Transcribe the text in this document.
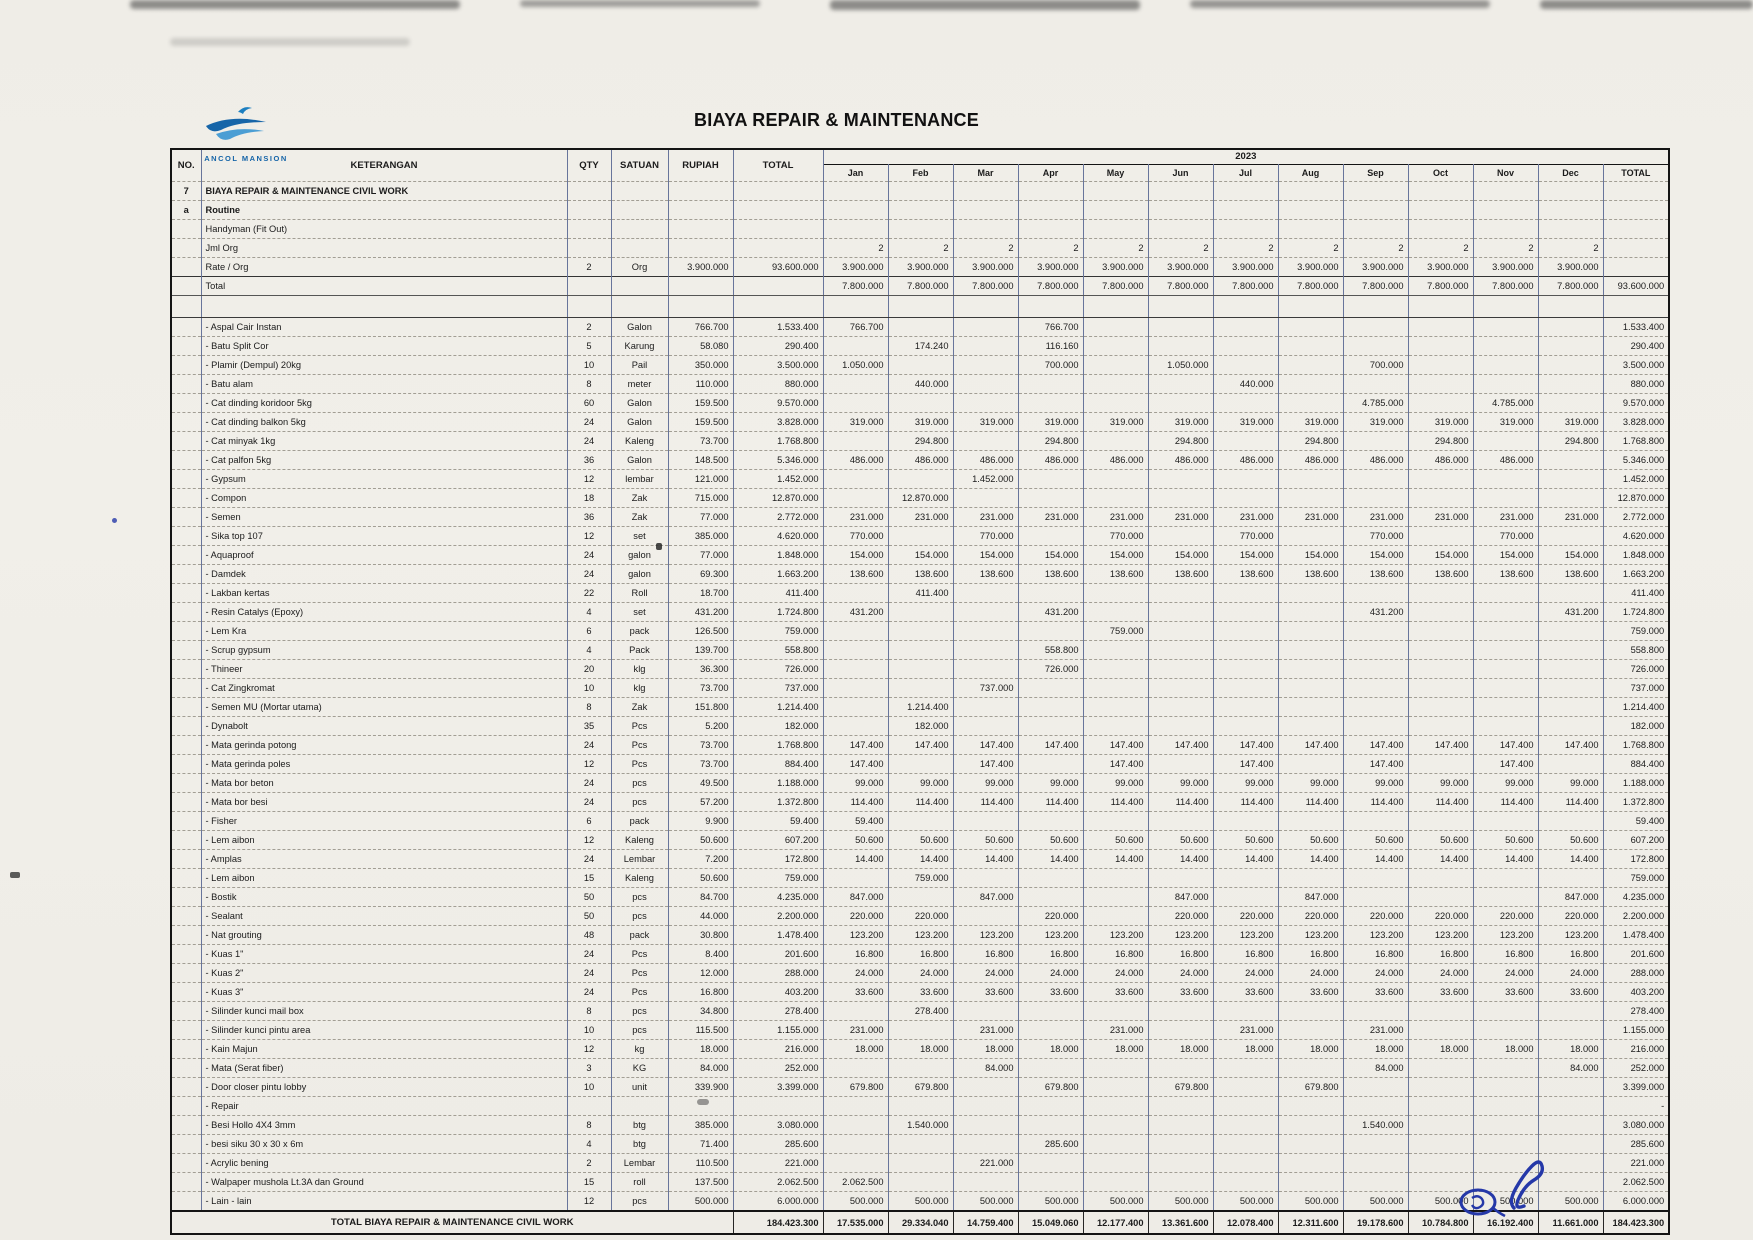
ANCOL MANSION
BIAYA REPAIR & MAINTENANCE
NO.	KETERANGAN	QTY	SATUAN	RUPIAH	TOTAL	2023												
						Jan	Feb	Mar	Apr	May	Jun	Jul	Aug	Sep	Oct	Nov	Dec	TOTAL
7	BIAYA REPAIR & MAINTENANCE CIVIL WORK																	
a	Routine																	
	Handyman (Fit Out)																	
	Jml Org					2	2	2	2	2	2	2	2	2	2	2	2	
	Rate / Org	2	Org	3.900.000	93.600.000	3.900.000	3.900.000	3.900.000	3.900.000	3.900.000	3.900.000	3.900.000	3.900.000	3.900.000	3.900.000	3.900.000	3.900.000	
	Total					7.800.000	7.800.000	7.800.000	7.800.000	7.800.000	7.800.000	7.800.000	7.800.000	7.800.000	7.800.000	7.800.000	7.800.000	93.600.000

	- Aspal Cair Instan	2	Galon	766.700	1.533.400	766.700			766.700									1.533.400
	- Batu Split Cor	5	Karung	58.080	290.400		174.240		116.160									290.400
	- Plamir (Dempul) 20kg	10	Pail	350.000	3.500.000	1.050.000			700.000		1.050.000			700.000				3.500.000
	- Batu alam	8	meter	110.000	880.000		440.000					440.000						880.000
	- Cat dinding koridoor 5kg	60	Galon	159.500	9.570.000									4.785.000		4.785.000		9.570.000
	- Cat dinding balkon 5kg	24	Galon	159.500	3.828.000	319.000	319.000	319.000	319.000	319.000	319.000	319.000	319.000	319.000	319.000	319.000	319.000	3.828.000
	- Cat minyak 1kg	24	Kaleng	73.700	1.768.800		294.800		294.800		294.800		294.800		294.800		294.800	1.768.800
	- Cat palfon 5kg	36	Galon	148.500	5.346.000	486.000	486.000	486.000	486.000	486.000	486.000	486.000	486.000	486.000	486.000	486.000		5.346.000
	- Gypsum	12	lembar	121.000	1.452.000			1.452.000										1.452.000
	- Compon	18	Zak	715.000	12.870.000		12.870.000											12.870.000
	- Semen	36	Zak	77.000	2.772.000	231.000	231.000	231.000	231.000	231.000	231.000	231.000	231.000	231.000	231.000	231.000	231.000	2.772.000
	- Sika top 107	12	set	385.000	4.620.000	770.000		770.000		770.000		770.000		770.000		770.000		4.620.000
	- Aquaproof	24	galon	77.000	1.848.000	154.000	154.000	154.000	154.000	154.000	154.000	154.000	154.000	154.000	154.000	154.000	154.000	1.848.000
	- Damdek	24	galon	69.300	1.663.200	138.600	138.600	138.600	138.600	138.600	138.600	138.600	138.600	138.600	138.600	138.600	138.600	1.663.200
	- Lakban kertas	22	Roll	18.700	411.400		411.400											411.400
	- Resin Catalys (Epoxy)	4	set	431.200	1.724.800	431.200			431.200					431.200			431.200	1.724.800
	- Lem Kra	6	pack	126.500	759.000					759.000								759.000
	- Scrup gypsum	4	Pack	139.700	558.800				558.800									558.800
	- Thineer	20	klg	36.300	726.000				726.000									726.000
	- Cat Zingkromat	10	klg	73.700	737.000			737.000										737.000
	- Semen MU (Mortar utama)	8	Zak	151.800	1.214.400		1.214.400											1.214.400
	- Dynabolt	35	Pcs	5.200	182.000		182.000											182.000
	- Mata gerinda potong	24	Pcs	73.700	1.768.800	147.400	147.400	147.400	147.400	147.400	147.400	147.400	147.400	147.400	147.400	147.400	147.400	1.768.800
	- Mata gerinda poles	12	Pcs	73.700	884.400	147.400		147.400		147.400		147.400		147.400		147.400		884.400
	- Mata bor beton	24	pcs	49.500	1.188.000	99.000	99.000	99.000	99.000	99.000	99.000	99.000	99.000	99.000	99.000	99.000	99.000	1.188.000
	- Mata bor besi	24	pcs	57.200	1.372.800	114.400	114.400	114.400	114.400	114.400	114.400	114.400	114.400	114.400	114.400	114.400	114.400	1.372.800
	- Fisher	6	pack	9.900	59.400	59.400												59.400
	- Lem aibon	12	Kaleng	50.600	607.200	50.600	50.600	50.600	50.600	50.600	50.600	50.600	50.600	50.600	50.600	50.600	50.600	607.200
	- Amplas	24	Lembar	7.200	172.800	14.400	14.400	14.400	14.400	14.400	14.400	14.400	14.400	14.400	14.400	14.400	14.400	172.800
	- Lem aibon	15	Kaleng	50.600	759.000		759.000											759.000
	- Bostik	50	pcs	84.700	4.235.000	847.000		847.000			847.000		847.000				847.000	4.235.000
	- Sealant	50	pcs	44.000	2.200.000	220.000	220.000		220.000		220.000	220.000	220.000	220.000	220.000	220.000	220.000	2.200.000
	- Nat grouting	48	pack	30.800	1.478.400	123.200	123.200	123.200	123.200	123.200	123.200	123.200	123.200	123.200	123.200	123.200	123.200	1.478.400
	- Kuas 1"	24	Pcs	8.400	201.600	16.800	16.800	16.800	16.800	16.800	16.800	16.800	16.800	16.800	16.800	16.800	16.800	201.600
	- Kuas 2"	24	Pcs	12.000	288.000	24.000	24.000	24.000	24.000	24.000	24.000	24.000	24.000	24.000	24.000	24.000	24.000	288.000
	- Kuas 3"	24	Pcs	16.800	403.200	33.600	33.600	33.600	33.600	33.600	33.600	33.600	33.600	33.600	33.600	33.600	33.600	403.200
	- Silinder kunci mail box	8	pcs	34.800	278.400		278.400											278.400
	- Silinder kunci pintu area	10	pcs	115.500	1.155.000	231.000		231.000		231.000		231.000		231.000				1.155.000
	- Kain Majun	12	kg	18.000	216.000	18.000	18.000	18.000	18.000	18.000	18.000	18.000	18.000	18.000	18.000	18.000	18.000	216.000
	- Mata (Serat fiber)	3	KG	84.000	252.000			84.000						84.000			84.000	252.000
	- Door closer pintu lobby	10	unit	339.900	3.399.000	679.800	679.800		679.800		679.800		679.800					3.399.000
	- Repair																	-
	- Besi Hollo 4X4 3mm	8	btg	385.000	3.080.000		1.540.000							1.540.000				3.080.000
	- besi siku 30 x 30 x 6m	4	btg	71.400	285.600				285.600									285.600
	- Acrylic bening	2	Lembar	110.500	221.000			221.000										221.000
	- Walpaper mushola Lt.3A dan Ground	15	roll	137.500	2.062.500	2.062.500												2.062.500
	- Lain - lain	12	pcs	500.000	6.000.000	500.000	500.000	500.000	500.000	500.000	500.000	500.000	500.000	500.000	500.000	500.000	500.000	6.000.000
TOTAL BIAYA REPAIR & MAINTENANCE CIVIL WORK					184.423.300	17.535.000	29.334.040	14.759.400	15.049.060	12.177.400	13.361.600	12.078.400	12.311.600	19.178.600	10.784.800	16.192.400	11.661.000	184.423.300
